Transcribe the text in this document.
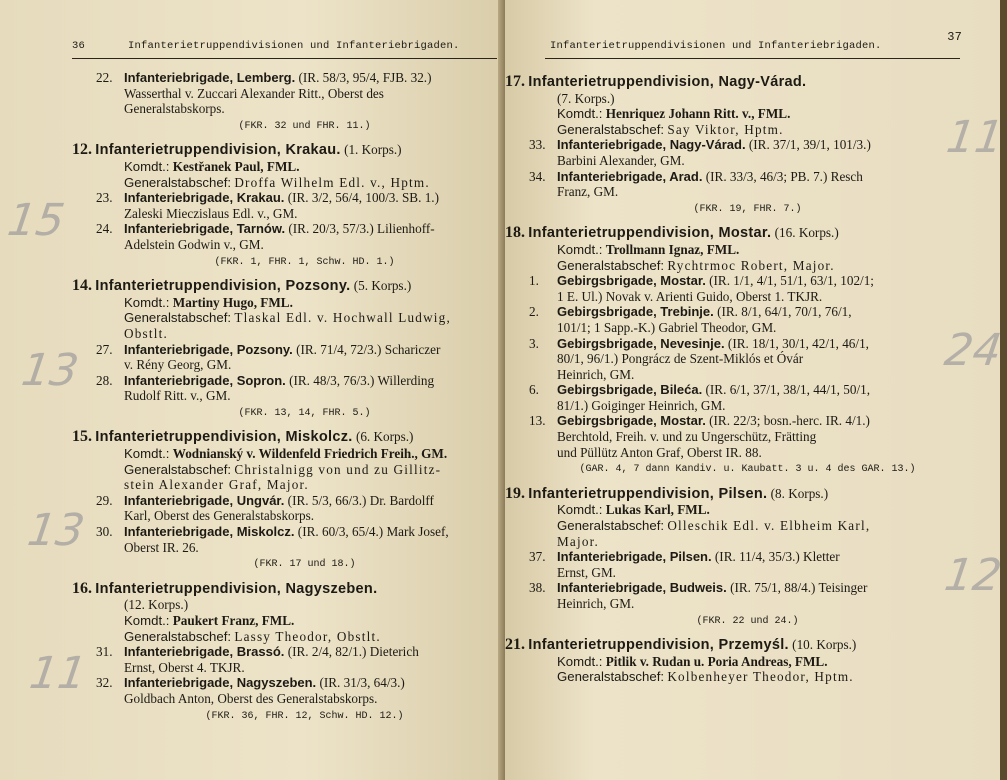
36	Infanterietruppendivisionen und Infanteriebrigaden.
22. Infanteriebrigade, Lemberg. (IR. 58/3, 95/4, FJB. 32.)
Wasserthal v. Zuccari Alexander Ritt., Oberst des
Generalstabskorps.
(FKR. 32 und FHR. 11.)
12. Infanterietruppendivision, Krakau. (1. Korps.)
Komdt.: Kestřanek Paul, FML.
Generalstabschef: Droffa Wilhelm Edl. v., Hptm.
23. Infanteriebrigade, Krakau. (IR. 3/2, 56/4, 100/3. SB. 1.)
Zaleski Mieczislaus Edl. v., GM.
24. Infanteriebrigade, Tarnów. (IR. 20/3, 57/3.) Lilienhoff-
Adelstein Godwin v., GM.
(FKR. 1, FHR. 1, Schw. HD. 1.)
14. Infanterietruppendivision, Pozsony. (5. Korps.)
Komdt.: Martiny Hugo, FML.
Generalstabschef: Tlaskal Edl. v. Hochwall Ludwig,
Obstlt.
27. Infanteriebrigade, Pozsony. (IR. 71/4, 72/3.) Schariczer
v. Rény Georg, GM.
28. Infanteriebrigade, Sopron. (IR. 48/3, 76/3.) Willerding
Rudolf Ritt. v., GM.
(FKR. 13, 14, FHR. 5.)
15. Infanterietruppendivision, Miskolcz. (6. Korps.)
Komdt.: Wodnianský v. Wildenfeld Friedrich Freih., GM.
Generalstabschef: Christalnigg von und zu Gillitz-
stein Alexander Graf, Major.
29. Infanteriebrigade, Ungvár. (IR. 5/3, 66/3.) Dr. Bardolff
Karl, Oberst des Generalstabskorps.
30. Infanteriebrigade, Miskolcz. (IR. 60/3, 65/4.) Mark Josef,
Oberst IR. 26.
(FKR. 17 und 18.)
16. Infanterietruppendivision, Nagyszeben.
(12. Korps.)
Komdt.: Paukert Franz, FML.
Generalstabschef: Lassy Theodor, Obstlt.
31. Infanteriebrigade, Brassó. (IR. 2/4, 82/1.) Dieterich
Ernst, Oberst 4. TKJR.
32. Infanteriebrigade, Nagyszeben. (IR. 31/3, 64/3.)
Goldbach Anton, Oberst des Generalstabskorps.
(FKR. 36, FHR. 12, Schw. HD. 12.)
15
13
13
11
Infanterietruppendivisionen und Infanteriebrigaden.
37
17. Infanterietruppendivision, Nagy-Várad.
(7. Korps.)
Komdt.: Henriquez Johann Ritt. v., FML.
Generalstabschef: Say Viktor, Hptm.
33. Infanteriebrigade, Nagy-Várad. (IR. 37/1, 39/1, 101/3.)
Barbini Alexander, GM.
34. Infanteriebrigade, Arad. (IR. 33/3, 46/3; PB. 7.) Resch
Franz, GM.
(FKR. 19, FHR. 7.)
18. Infanterietruppendivision, Mostar. (16. Korps.)
Komdt.: Trollmann Ignaz, FML.
Generalstabschef: Rychtrmoc Robert, Major.
1. Gebirgsbrigade, Mostar. (IR. 1/1, 4/1, 51/1, 63/1, 102/1;
1 E. Ul.) Novak v. Arienti Guido, Oberst 1. TKJR.
2. Gebirgsbrigade, Trebinje. (IR. 8/1, 64/1, 70/1, 76/1,
101/1; 1 Sapp.-K.) Gabriel Theodor, GM.
3. Gebirgsbrigade, Nevesinje. (IR. 18/1, 30/1, 42/1, 46/1,
80/1, 96/1.) Pongrácz de Szent-Miklós et Óvár
Heinrich, GM.
6. Gebirgsbrigade, Bileća. (IR. 6/1, 37/1, 38/1, 44/1, 50/1,
81/1.) Goiginger Heinrich, GM.
13. Gebirgsbrigade, Mostar. (IR. 22/3; bosn.-herc. IR. 4/1.)
Berchtold, Freih. v. und zu Ungerschütz, Frätting
und Püllütz Anton Graf, Oberst IR. 88.
(GAR. 4, 7 dann Kandiv. u. Kaubatt. 3 u. 4 des GAR. 13.)
19. Infanterietruppendivision, Pilsen. (8. Korps.)
Komdt.: Lukas Karl, FML.
Generalstabschef: Olleschik Edl. v. Elbheim Karl,
Major.
37. Infanteriebrigade, Pilsen. (IR. 11/4, 35/3.) Kletter
Ernst, GM.
38. Infanteriebrigade, Budweis. (IR. 75/1, 88/4.) Teisinger
Heinrich, GM.
(FKR. 22 und 24.)
21. Infanterietruppendivision, Przemyśl. (10. Korps.)
Komdt.: Pitlik v. Rudan u. Poria Andreas, FML.
Generalstabschef: Kolbenheyer Theodor, Hptm.
11
24
12
